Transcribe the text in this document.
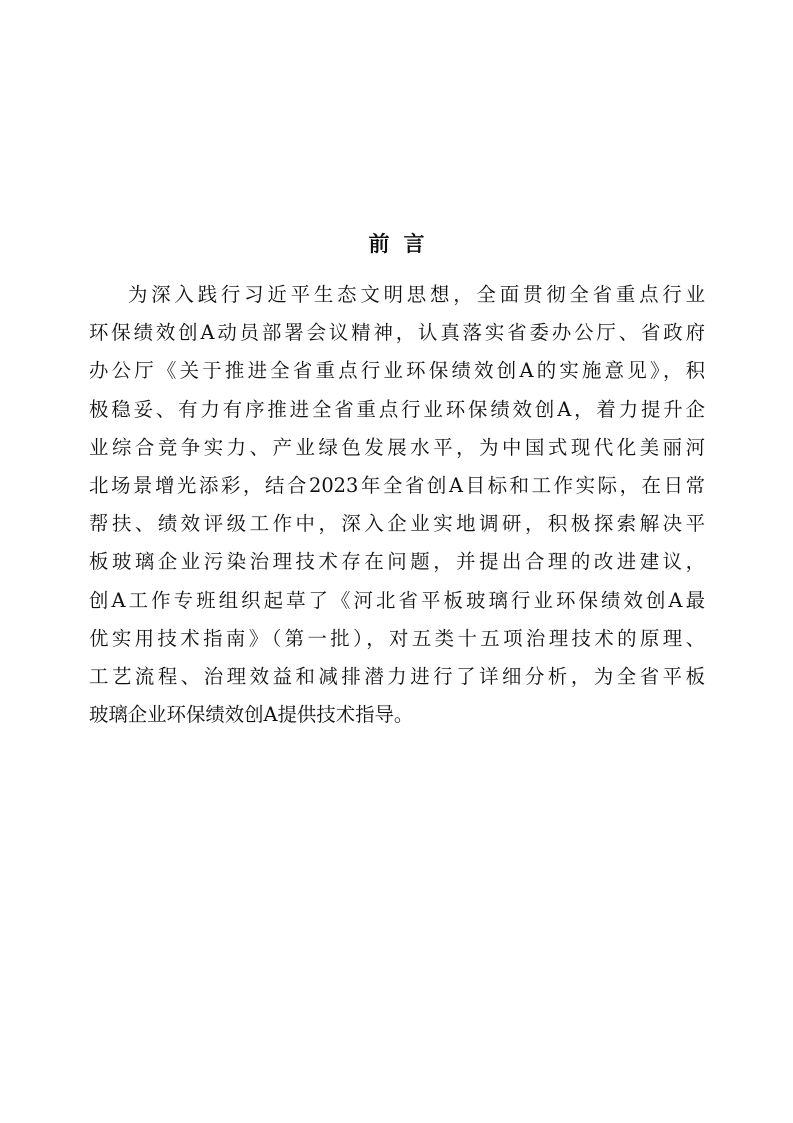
前言
为深入践行习近平生态文明思想，全面贯彻全省重点行业
环保绩效创A动员部署会议精神，认真落实省委办公厅、省政府
办公厅《关于推进全省重点行业环保绩效创A的实施意见》，积
极稳妥、有力有序推进全省重点行业环保绩效创A，着力提升企
业综合竞争实力、产业绿色发展水平，为中国式现代化美丽河
北场景增光添彩，结合2023年全省创A目标和工作实际，在日常
帮扶、绩效评级工作中，深入企业实地调研，积极探索解决平
板玻璃企业污染治理技术存在问题，并提出合理的改进建议，
创A工作专班组织起草了《河北省平板玻璃行业环保绩效创A最
优实用技术指南》（第一批），对五类十五项治理技术的原理、
工艺流程、治理效益和减排潜力进行了详细分析，为全省平板
玻璃企业环保绩效创A提供技术指导。
